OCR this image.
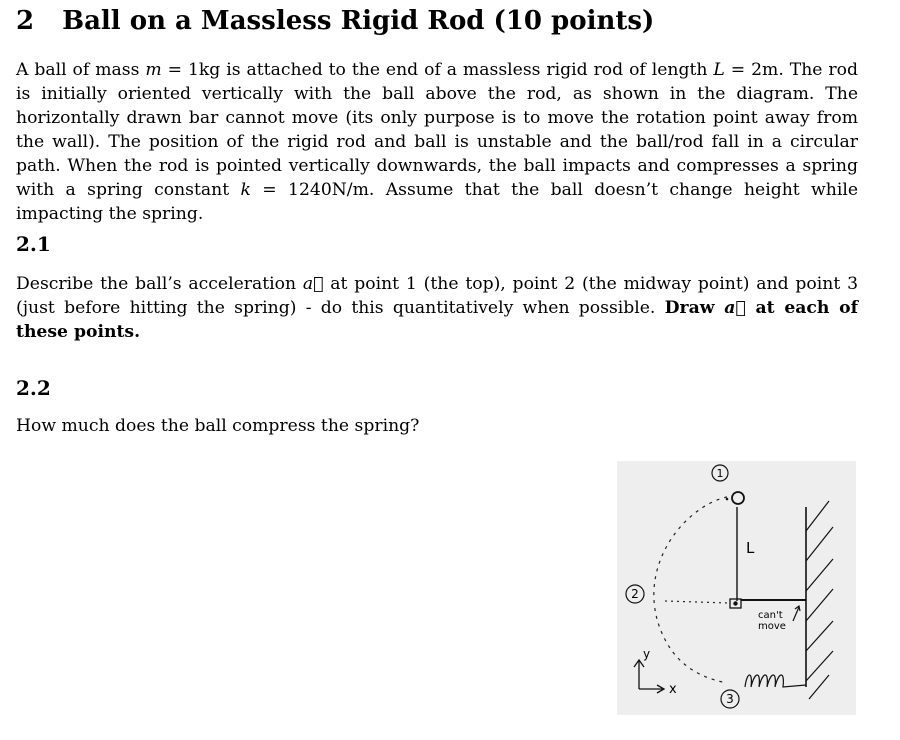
2 Ball on a Massless Rigid Rod (10 points)
A ball of mass m = 1kg is attached to the end of a massless rigid rod of length L = 2m. The rod is initially oriented vertically with the ball above the rod, as shown in the diagram. The horizontally drawn bar cannot move (its only purpose is to move the rotation point away from the wall). The position of the rigid rod and ball is unstable and the ball/rod fall in a circular path. When the rod is pointed vertically downwards, the ball impacts and compresses a spring with a spring constant k = 1240N/m. Assume that the ball doesn’t change height while impacting the spring.
2.1
Describe the ball’s acceleration a⃗ at point 1 (the top), point 2 (the midway point) and point 3 (just before hitting the spring) - do this quantitatively when possible. Draw a⃗ at each of these points.
2.2
How much does the ball compress the spring?
1
2
3
L
can't
move
y
x
